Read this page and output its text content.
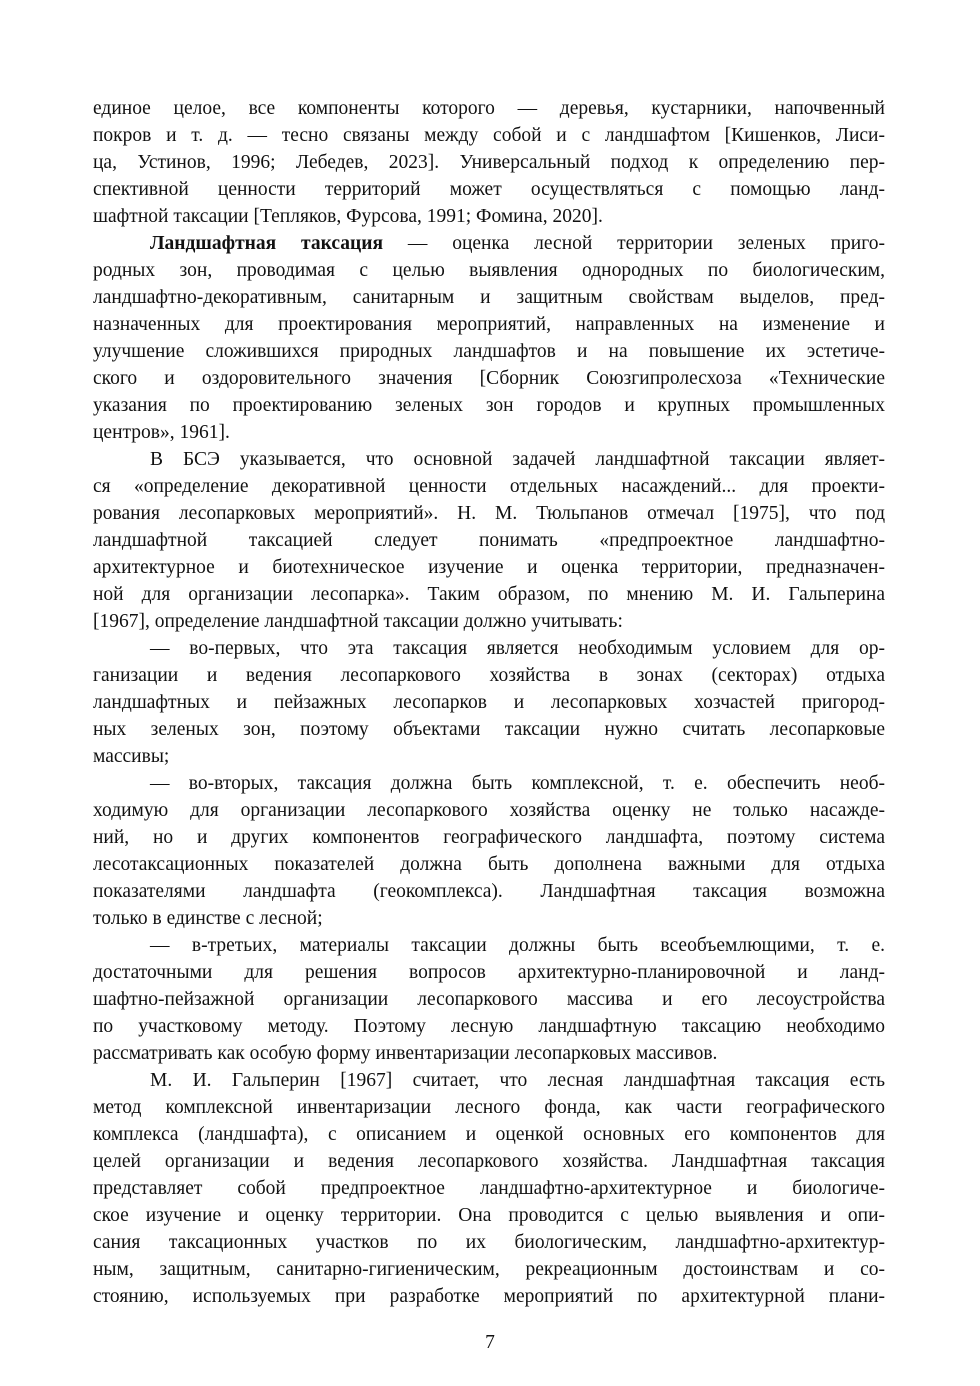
единое целое, все компоненты которого — деревья, кустарники, напочвенный
покров и т. д. — тесно связаны между собой и с ландшафтом [Кишенков, Лиси-
ца, Устинов, 1996; Лебедев, 2023]. Универсальный подход к определению пер-
спективной ценности территорий может осуществляться с помощью ланд-
шафтной таксации [Тепляков, Фурсова, 1991; Фомина, 2020].
Ландшафтная таксация — оценка лесной территории зеленых приго-
родных зон, проводимая с целью выявления однородных по биологическим,
ландшафтно-декоративным, санитарным и защитным свойствам выделов, пред-
назначенных для проектирования мероприятий, направленных на изменение и
улучшение сложившихся природных ландшафтов и на повышение их эстетиче-
ского и оздоровительного значения [Сборник Союзгипролесхоза «Технические
указания по проектированию зеленых зон городов и крупных промышленных
центров», 1961].
В БСЭ указывается, что основной задачей ландшафтной таксации являет-
ся «определение декоративной ценности отдельных насаждений... для проекти-
рования лесопарковых мероприятий». Н. М. Тюльпанов отмечал [1975], что под
ландшафтной таксацией следует понимать «предпроектное ландшафтно-
архитектурное и биотехническое изучение и оценка территории, предназначен-
ной для организации лесопарка». Таким образом, по мнению М. И. Гальперина
[1967], определение ландшафтной таксации должно учитывать:
— во-первых, что эта таксация является необходимым условием для ор-
ганизации и ведения лесопаркового хозяйства в зонах (секторах) отдыха
ландшафтных и пейзажных лесопарков и лесопарковых хозчастей пригород-
ных зеленых зон, поэтому объектами таксации нужно считать лесопарковые
массивы;
— во-вторых, таксация должна быть комплексной, т. е. обеспечить необ-
ходимую для организации лесопаркового хозяйства оценку не только насажде-
ний, но и других компонентов географического ландшафта, поэтому система
лесотаксационных показателей должна быть дополнена важными для отдыха
показателями ландшафта (геокомплекса). Ландшафтная таксация возможна
только в единстве с лесной;
— в-третьих, материалы таксации должны быть всеобъемлющими, т. е.
достаточными для решения вопросов архитектурно-планировочной и ланд-
шафтно-пейзажной организации лесопаркового массива и его лесоустройства
по участковому методу. Поэтому лесную ландшафтную таксацию необходимо
рассматривать как особую форму инвентаризации лесопарковых массивов.
М. И. Гальперин [1967] считает, что лесная ландшафтная таксация есть
метод комплексной инвентаризации лесного фонда, как части географического
комплекса (ландшафта), с описанием и оценкой основных его компонентов для
целей организации и ведения лесопаркового хозяйства. Ландшафтная таксация
представляет собой предпроектное ландшафтно-архитектурное и биологиче-
ское изучение и оценку территории. Она проводится с целью выявления и опи-
сания таксационных участков по их биологическим, ландшафтно-архитектур-
ным, защитным, санитарно-гигиеническим, рекреационным достоинствам и со-
стоянию, используемых при разработке мероприятий по архитектурной плани-
7
